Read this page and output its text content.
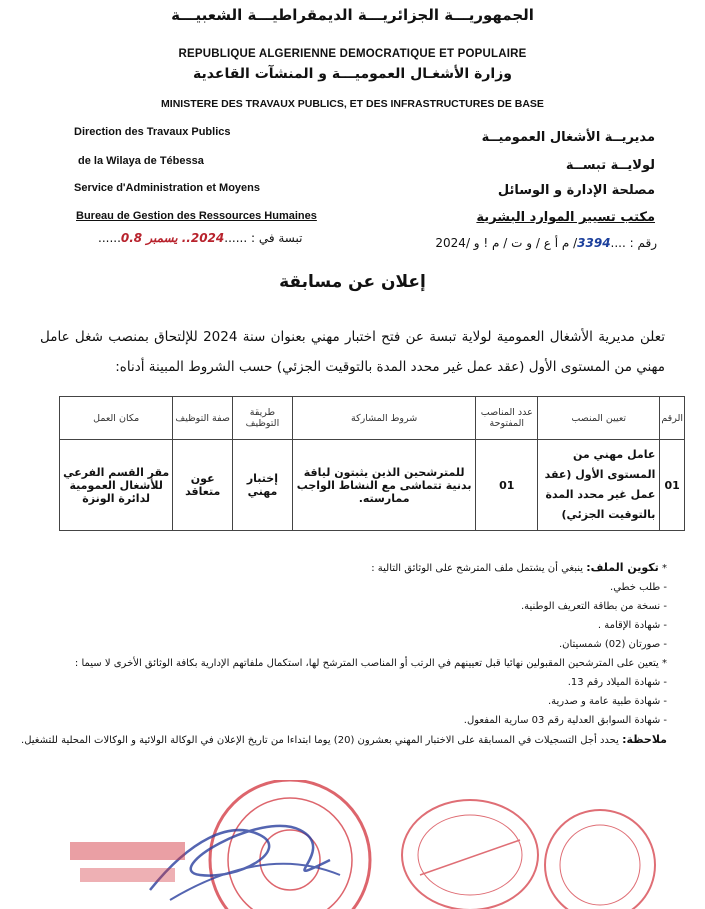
الجمهوريـــة الجزائريـــة الديمقراطيـــة الشعبيـــة
REPUBLIQUE ALGERIENNE DEMOCRATIQUE ET POPULAIRE
وزارة الأشغـال العموميـــة و المنشآت القاعدية
MINISTERE DES TRAVAUX PUBLICS, ET DES INFRASTRUCTURES DE BASE
Direction des Travaux Publics
de la Wilaya de Tébessa
Service d'Administration et Moyens
Bureau de Gestion des Ressources Humaines
مديريــة الأشغال العموميــة
لولايــة تبســة
مصلحة الإدارة و الوسائل
مكتب تسيير الموارد البشرية
تبسة في : ......2024.. ‎يسمبر 0.8......	رقم : ....3394/ م أ ع / و ت / م ! و /2024
إعلان عن مسابقة
تعلن مديرية الأشغال العمومية لولاية تبسة عن فتح اختبار مهني بعنوان سنة 2024 للإلتحاق بمنصب شغل عامل مهني من المستوى الأول (عقد عمل غير محدد المدة بالتوقيت الجزئي) حسب الشروط المبينة أدناه:
الرقم	تعيين المنصب	عدد المناصب المفتوحة	شروط المشاركة	طريقة التوظيف	صفة التوظيف	مكان العمل
01	عامل مهني من المستوى الأول (عقد عمل غير محدد المدة بالتوقيت الجزئي)	01	للمترشحين الذين يثبتون لياقة بدنية تتماشى مع النشاط الواجب ممارسته.	إختبار مهني	عون متعاقد	مقر القسم الفرعي للأشغال العمومية لدائرة الونزة
* تكوين الملف: ينبغي أن يشتمل ملف المترشح على الوثائق التالية :
- طلب خطي.
- نسخة من بطاقة التعريف الوطنية.
- شهادة الإقامة .
- صورتان (02) شمسيتان.
* يتعين على المترشحين المقبولين نهائيا قبل تعيينهم في الرتب أو المناصب المترشح لها، استكمال ملفاتهم الإدارية بكافة الوثائق الأخرى لا سيما :
- شهادة الميلاد رقم 13.
- شهادة طبية عامة و صدرية.
- شهادة السوابق العدلية رقم 03 سارية المفعول.
ملاحظة: يحدد أجل التسجيلات في المسابقة على الاختبار المهني بعشرون (20) يوما ابتداءا من تاريخ الإعلان في الوكالة الولائية و الوكالات المحلية للتشغيل.
